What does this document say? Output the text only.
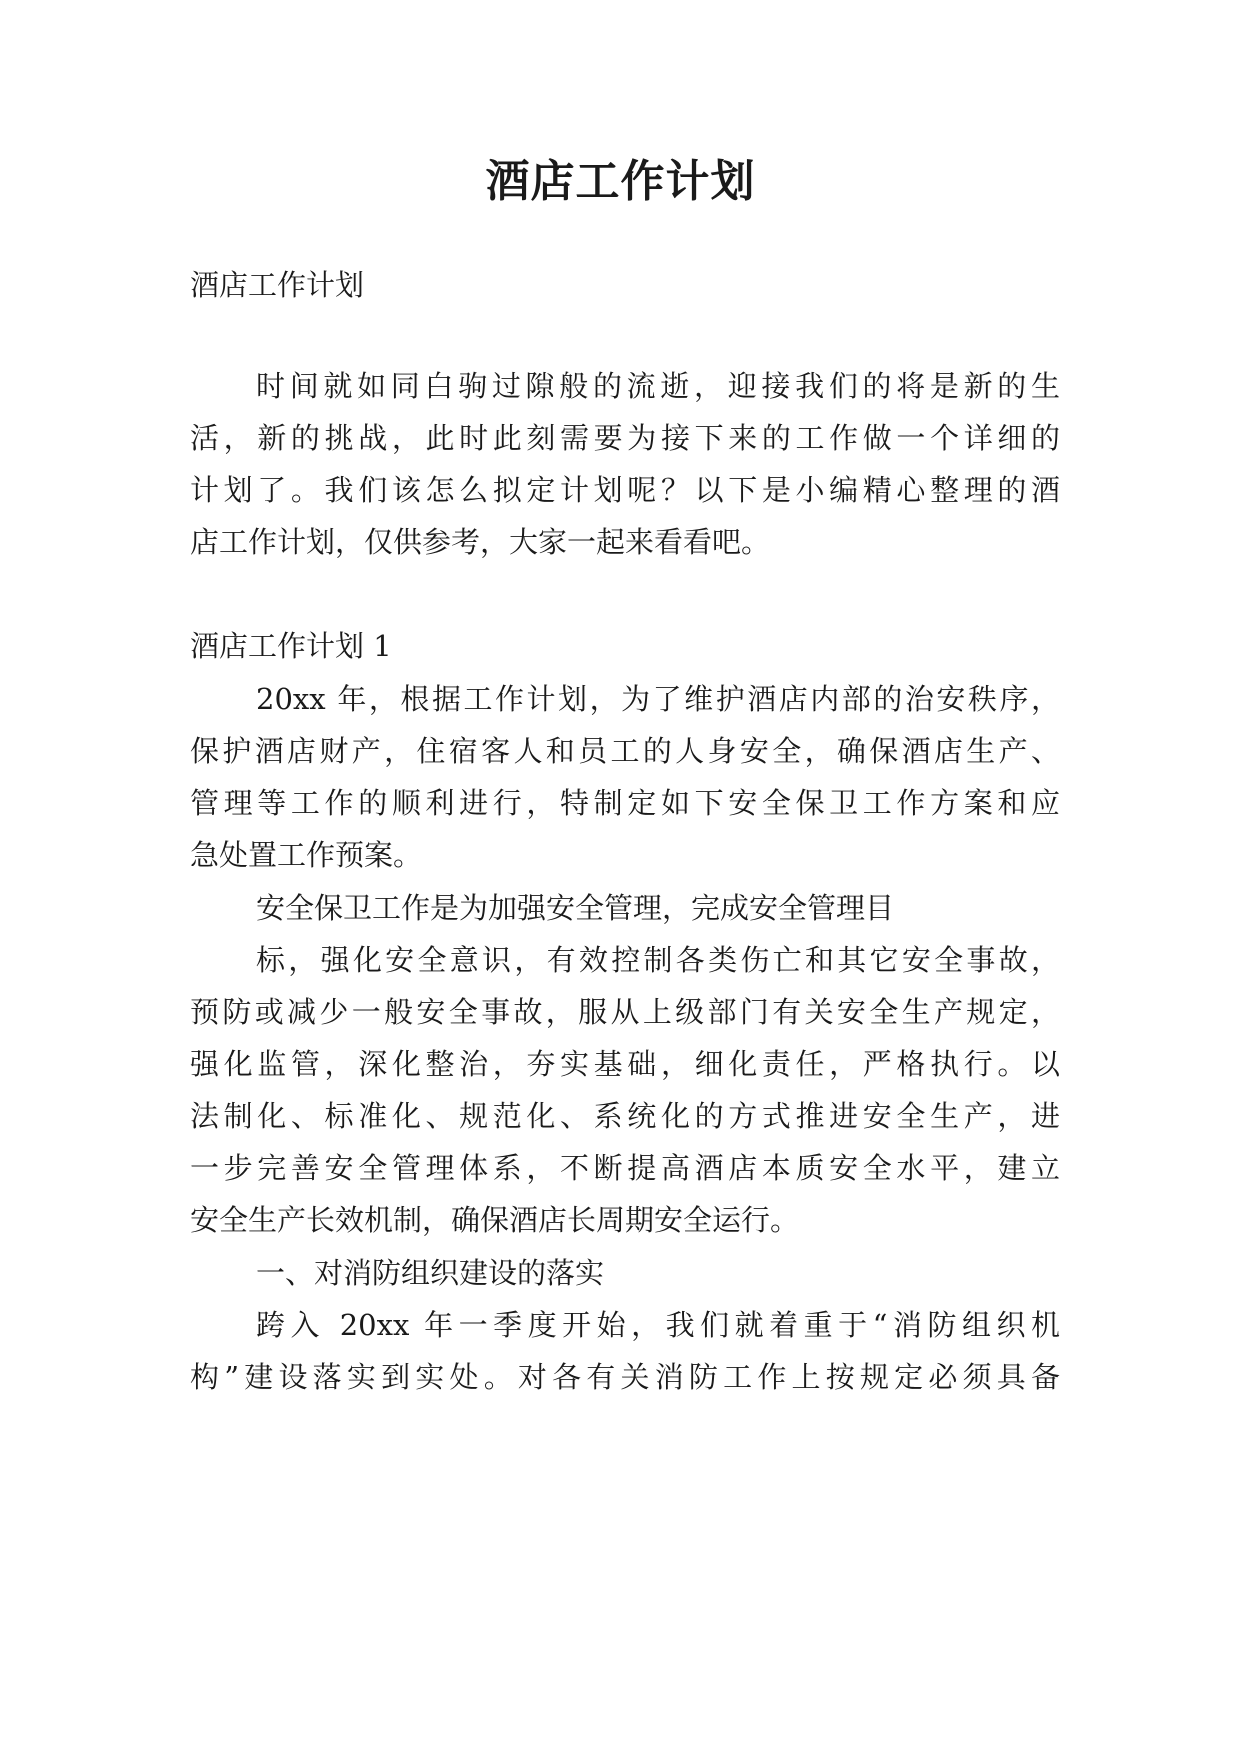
酒店工作计划
酒店工作计划
时间就如同白驹过隙般的流逝，迎接我们的将是新的生
活，新的挑战，此时此刻需要为接下来的工作做一个详细的
计划了。我们该怎么拟定计划呢？以下是小编精心整理的酒
店工作计划，仅供参考，大家一起来看看吧。
酒店工作计划 1
20xx 年，根据工作计划，为了维护酒店内部的治安秩序，
保护酒店财产，住宿客人和员工的人身安全，确保酒店生产、
管理等工作的顺利进行，特制定如下安全保卫工作方案和应
急处置工作预案。
安全保卫工作是为加强安全管理，完成安全管理目
标，强化安全意识，有效控制各类伤亡和其它安全事故，
预防或减少一般安全事故，服从上级部门有关安全生产规定，
强化监管，深化整治，夯实基础，细化责任，严格执行。以
法制化、标准化、规范化、系统化的方式推进安全生产，进
一步完善安全管理体系，不断提高酒店本质安全水平，建立
安全生产长效机制，确保酒店长周期安全运行。
一、对消防组织建设的落实
跨入 20xx 年一季度开始，我们就着重于“消防组织机
构”建设落实到实处。对各有关消防工作上按规定必须具备
